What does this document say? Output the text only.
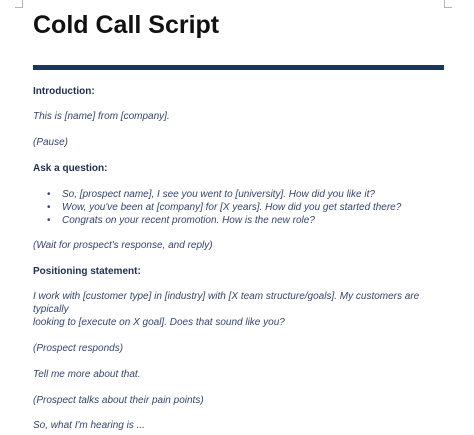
Cold Call Script

Introduction:

This is [name] from [company].

(Pause)

Ask a question:

• So, [prospect name], I see you went to [university]. How did you like it?
• Wow, you've been at [company] for [X years]. How did you get started there?
• Congrats on your recent promotion. How is the new role?

(Wait for prospect's response, and reply)

Positioning statement:

I work with [customer type] in [industry] with [X team structure/goals]. My customers are typically

looking to [execute on X goal]. Does that sound like you?

(Prospect responds)

Tell me more about that.

(Prospect talks about their pain points)

So, what I'm hearing is ...
